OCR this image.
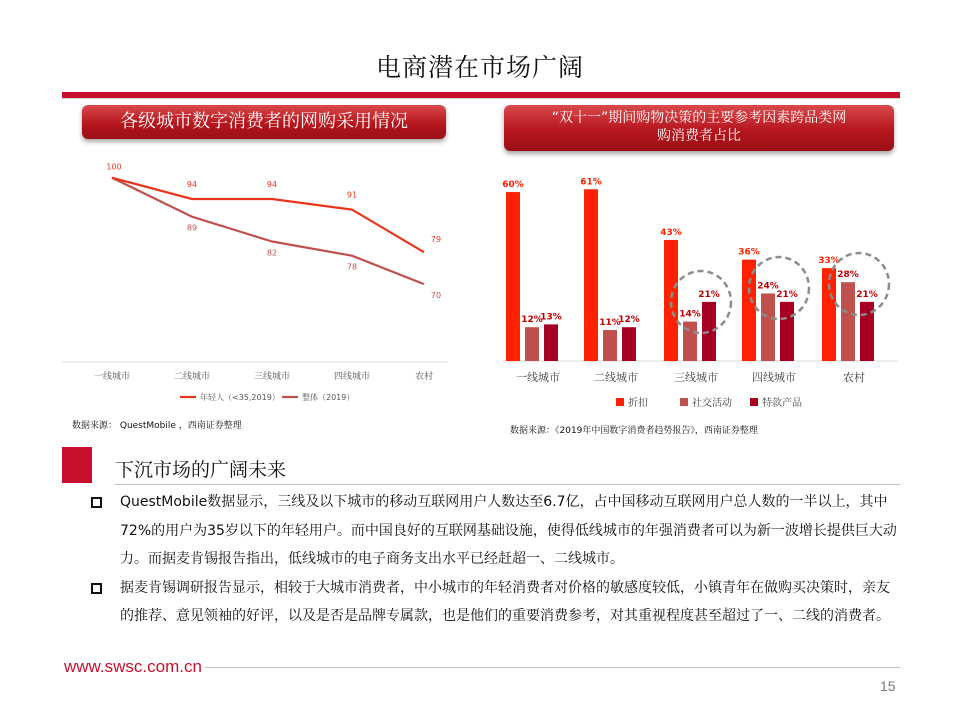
电商潜在市场广阔
各级城市数字消费者的网购采用情况
一线城市	二线城市	三线城市	四线城市	农村
89
82
78
70
100
94	94
91
79
年轻人（<35,2019）	整体（2019）
数据来源： QuestMobile ，西南证券整理
“双十一”期间购物决策的主要参考因素跨品类网
购消费者占比
一线城市	二线城市	三线城市	四线城市	农村
60%	61%
43%
36%
33%
12%	11%
14%
24%
28%
13%	12%
21%	21%	21%
折扣	社交活动	特款产品
数据来源：《2019年中国数字消费者趋势报告》，西南证券整理
下沉市场的广阔未来
QuestMobile数据显示，三线及以下城市的移动互联网用户人数达至6.7亿，占中国移动互联网用户总人数的一半以上，其中72%的用户为35岁以下的年轻用户。而中国良好的互联网基础设施，使得低线城市的年强消费者可以为新一波增长提供巨大动力。而据麦肯锡报告指出，低线城市的电子商务支出水平已经赶超一、二线城市。
据麦肯锡调研报告显示，相较于大城市消费者，中小城市的年轻消费者对价格的敏感度较低，小镇青年在做购买决策时，亲友的推荐、意见领袖的好评，以及是否是品牌专属款，也是他们的重要消费参考，对其重视程度甚至超过了一、二线的消费者。
www.swsc.com.cn
15
